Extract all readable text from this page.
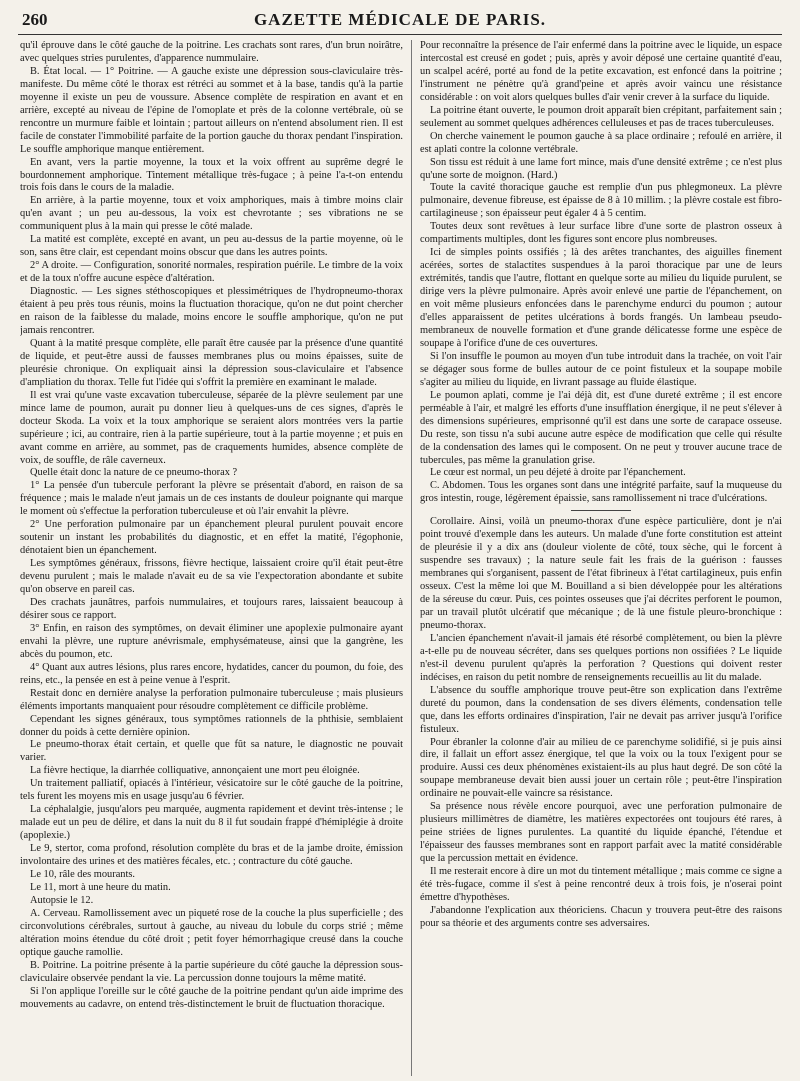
260	GAZETTE MÉDICALE DE PARIS.

qu'il éprouve dans le côté gauche de la poitrine. Les crachats sont rares, d'un brun noirâtre, avec quelques stries purulentes, d'apparence nummulaire.

B. État local. — 1° Poitrine. — A gauche existe une dépression sous-claviculaire très-manifeste. Du même côté le thorax est rétréci au sommet et à la base, tandis qu'à la partie moyenne il existe un peu de voussure. Absence complète de respiration en avant et en arrière, excepté au niveau de l'épine de l'omoplate et près de la colonne vertébrale, où se rencontre un murmure faible et lointain ; partout ailleurs on n'entend absolument rien. Il est facile de constater l'immobilité parfaite de la portion gauche du thorax pendant l'inspiration. Le souffle amphorique manque entièrement.

En avant, vers la partie moyenne, la toux et la voix offrent au suprême degré le bourdonnement amphorique. Tintement métallique très-fugace ; à peine l'a-t-on entendu trois fois dans le cours de la maladie.

En arrière, à la partie moyenne, toux et voix amphoriques, mais à timbre moins clair qu'en avant ; un peu au-dessous, la voix est chevrotante ; ses vibrations ne se communiquent plus à la main qui presse le côté malade.

La matité est complète, excepté en avant, un peu au-dessus de la partie moyenne, où le son, sans être clair, est cependant moins obscur que dans les autres points.

2° A droite. — Configuration, sonorité normales, respiration puérile. Le timbre de la voix et de la toux n'offre aucune espèce d'altération.

Diagnostic. — Les signes stéthoscopiques et plessimétriques de l'hydropneumo-thorax étaient à peu près tous réunis, moins la fluctuation thoracique, qu'on ne dut point chercher en raison de la faiblesse du malade, moins encore le souffle amphorique, qu'on ne put jamais rencontrer.

Quant à la matité presque complète, elle paraît être causée par la présence d'une quantité de liquide, et peut-être aussi de fausses membranes plus ou moins épaisses, suite de pleurésie chronique. On expliquait ainsi la dépression sous-claviculaire et l'absence d'ampliation du thorax. Telle fut l'idée qui s'offrit la première en examinant le malade.

Il est vrai qu'une vaste excavation tuberculeuse, séparée de la plèvre seulement par une mince lame de poumon, aurait pu donner lieu à quelques-uns de ces signes, d'après le docteur Skoda. La voix et la toux amphorique se seraient alors montrées vers la partie supérieure ; ici, au contraire, rien à la partie supérieure, tout à la partie moyenne ; et puis en avant comme en arrière, au sommet, pas de craquements humides, absence complète de voix, de souffle, de râle caverneux.

Quelle était donc la nature de ce pneumo-thorax ?

1° La pensée d'un tubercule perforant la plèvre se présentait d'abord, en raison de sa fréquence ; mais le malade n'eut jamais un de ces instants de douleur poignante qui marque le moment où s'effectue la perforation tuberculeuse et où l'air envahit la plèvre.

2° Une perforation pulmonaire par un épanchement pleural purulent pouvait encore soutenir un instant les probabilités du diagnostic, et en effet la matité, l'égophonie, dénotaient bien un épanchement.

Les symptômes généraux, frissons, fièvre hectique, laissaient croire qu'il était peut-être devenu purulent ; mais le malade n'avait eu de sa vie l'expectoration abondante et subite qu'on observe en pareil cas.

Des crachats jaunâtres, parfois nummulaires, et toujours rares, laissaient beaucoup à désirer sous ce rapport.

3° Enfin, en raison des symptômes, on devait éliminer une apoplexie pulmonaire ayant envahi la plèvre, une rupture anévrismale, emphysémateuse, ainsi que la gangrène, les abcès du poumon, etc.

4° Quant aux autres lésions, plus rares encore, hydatides, cancer du poumon, du foie, des reins, etc., la pensée en est à peine venue à l'esprit.

Restait donc en dernière analyse la perforation pulmonaire tuberculeuse ; mais plusieurs éléments importants manquaient pour résoudre complètement ce difficile problème.

Cependant les signes généraux, tous symptômes rationnels de la phthisie, semblaient donner du poids à cette dernière opinion.

Le pneumo-thorax était certain, et quelle que fût sa nature, le diagnostic ne pouvait varier.

La fièvre hectique, la diarrhée colliquative, annonçaient une mort peu éloignée.

Un traitement palliatif, opiacés à l'intérieur, vésicatoire sur le côté gauche de la poitrine, tels furent les moyens mis en usage jusqu'au 6 février.

La céphalalgie, jusqu'alors peu marquée, augmenta rapidement et devint très-intense ; le malade eut un peu de délire, et dans la nuit du 8 il fut soudain frappé d'hémiplégie à droite (apoplexie.)

Le 9, stertor, coma profond, résolution complète du bras et de la jambe droite, émission involontaire des urines et des matières fécales, etc. ; contracture du côté gauche.

Le 10, râle des mourants.

Le 11, mort à une heure du matin.

Autopsie le 12.

A. Cerveau. Ramollissement avec un piqueté rose de la couche la plus superficielle ; des circonvolutions cérébrales, surtout à gauche, au niveau du lobule du corps strié ; même altération moins étendue du côté droit ; petit foyer hémorrhagique creusé dans la couche optique gauche ramollie.

B. Poitrine. La poitrine présente à la partie supérieure du côté gauche la dépression sous-claviculaire observée pendant la vie. La percussion donne toujours la même matité.

Si l'on applique l'oreille sur le côté gauche de la poitrine pendant qu'un aide imprime des mouvements au cadavre, on entend très-distinctement le bruit de fluctuation thoracique.

Pour reconnaître la présence de l'air enfermé dans la poitrine avec le liquide, un espace intercostal est creusé en godet ; puis, après y avoir déposé une certaine quantité d'eau, un scalpel acéré, porté au fond de la petite excavation, est enfoncé dans la poitrine ; l'instrument ne pénètre qu'à grand'peine et après avoir vaincu une résistance considérable : on voit alors quelques bulles d'air venir crever à la surface du liquide.

La poitrine étant ouverte, le poumon droit apparaît bien crépitant, parfaitement sain ; seulement au sommet quelques adhérences celluleuses et pas de traces tuberculeuses.

On cherche vainement le poumon gauche à sa place ordinaire ; refoulé en arrière, il est aplati contre la colonne vertébrale.

Son tissu est réduit à une lame fort mince, mais d'une densité extrême ; ce n'est plus qu'une sorte de moignon. (Hard.)

Toute la cavité thoracique gauche est remplie d'un pus phlegmoneux. La plèvre pulmonaire, devenue fibreuse, est épaisse de 8 à 10 millim. ; la plèvre costale est fibro-cartilagineuse ; son épaisseur peut égaler 4 à 5 centim.

Toutes deux sont revêtues à leur surface libre d'une sorte de plastron osseux à compartiments multiples, dont les figures sont encore plus nombreuses.

Ici de simples points ossifiés ; là des arêtes tranchantes, des aiguilles finement acérées, sortes de stalactites suspendues à la paroi thoracique par une de leurs extrémités, tandis que l'autre, flottant en quelque sorte au milieu du liquide purulent, se dirige vers la plèvre pulmonaire. Après avoir enlevé une partie de l'épanchement, on en voit même plusieurs enfoncées dans le parenchyme endurci du poumon ; autour d'elles apparaissent de petites ulcérations à bords frangés. Un lambeau pseudo-membraneux de nouvelle formation et d'une grande délicatesse forme une espèce de soupape à l'orifice d'une de ces ouvertures.

Si l'on insuffle le poumon au moyen d'un tube introduit dans la trachée, on voit l'air se dégager sous forme de bulles autour de ce point fistuleux et la soupape mobile s'agiter au milieu du liquide, en livrant passage au fluide élastique.

Le poumon aplati, comme je l'ai déjà dit, est d'une dureté extrême ; il est encore perméable à l'air, et malgré les efforts d'une insufflation énergique, il ne peut s'élever à des dimensions supérieures, emprisonné qu'il est dans une sorte de carapace osseuse. Du reste, son tissu n'a subi aucune autre espèce de modification que celle qui résulte de la condensation des lames qui le composent. On ne peut y trouver aucune trace de tubercules, pas même la granulation grise.

Le cœur est normal, un peu déjeté à droite par l'épanchement.

C. Abdomen. Tous les organes sont dans une intégrité parfaite, sauf la muqueuse du gros intestin, rouge, légèrement épaissie, sans ramollissement ni trace d'ulcérations.

Corollaire. Ainsi, voilà un pneumo-thorax d'une espèce particulière, dont je n'ai point trouvé d'exemple dans les auteurs. Un malade d'une forte constitution est atteint de pleurésie il y a dix ans (douleur violente de côté, toux sèche, qui le forcent à suspendre ses travaux) ; la nature seule fait les frais de la guérison : fausses membranes qui s'organisent, passent de l'état fibrineux à l'état cartilagineux, puis enfin osseux. C'est la même loi que M. Bouilland a si bien développée pour les altérations de la séreuse du cœur. Puis, ces pointes osseuses que j'ai décrites perforent le poumon, par un travail plutôt ulcératif que mécanique ; de là une fistule pleuro-bronchique : pneumo-thorax.

L'ancien épanchement n'avait-il jamais été résorbé complètement, ou bien la plèvre a-t-elle pu de nouveau sécréter, dans ses quelques portions non ossifiées ? Le liquide n'est-il devenu purulent qu'après la perforation ? Questions qui doivent rester indécises, en raison du petit nombre de renseignements recueillis au lit du malade.

L'absence du souffle amphorique trouve peut-être son explication dans l'extrême dureté du poumon, dans la condensation de ses divers éléments, condensation telle que, dans les efforts ordinaires d'inspiration, l'air ne devait pas arriver jusqu'à l'orifice fistuleux.

Pour ébranler la colonne d'air au milieu de ce parenchyme solidifié, si je puis ainsi dire, il fallait un effort assez énergique, tel que la voix ou la toux l'exigent pour se produire. Aussi ces deux phénomènes existaient-ils au plus haut degré. De son côté la soupape membraneuse devait bien aussi jouer un certain rôle ; peut-être l'inspiration ordinaire ne pouvait-elle vaincre sa résistance.

Sa présence nous révèle encore pourquoi, avec une perforation pulmonaire de plusieurs millimètres de diamètre, les matières expectorées ont toujours été rares, à peine striées de lignes purulentes. La quantité du liquide épanché, l'étendue et l'épaisseur des fausses membranes sont en rapport parfait avec la matité considérable que la percussion mettait en évidence.

Il me resterait encore à dire un mot du tintement métallique ; mais comme ce signe a été très-fugace, comme il s'est à peine rencontré deux à trois fois, je n'oserai point émettre d'hypothèses.

J'abandonne l'explication aux théoriciens. Chacun y trouvera peut-être des raisons pour sa théorie et des arguments contre ses adversaires.
